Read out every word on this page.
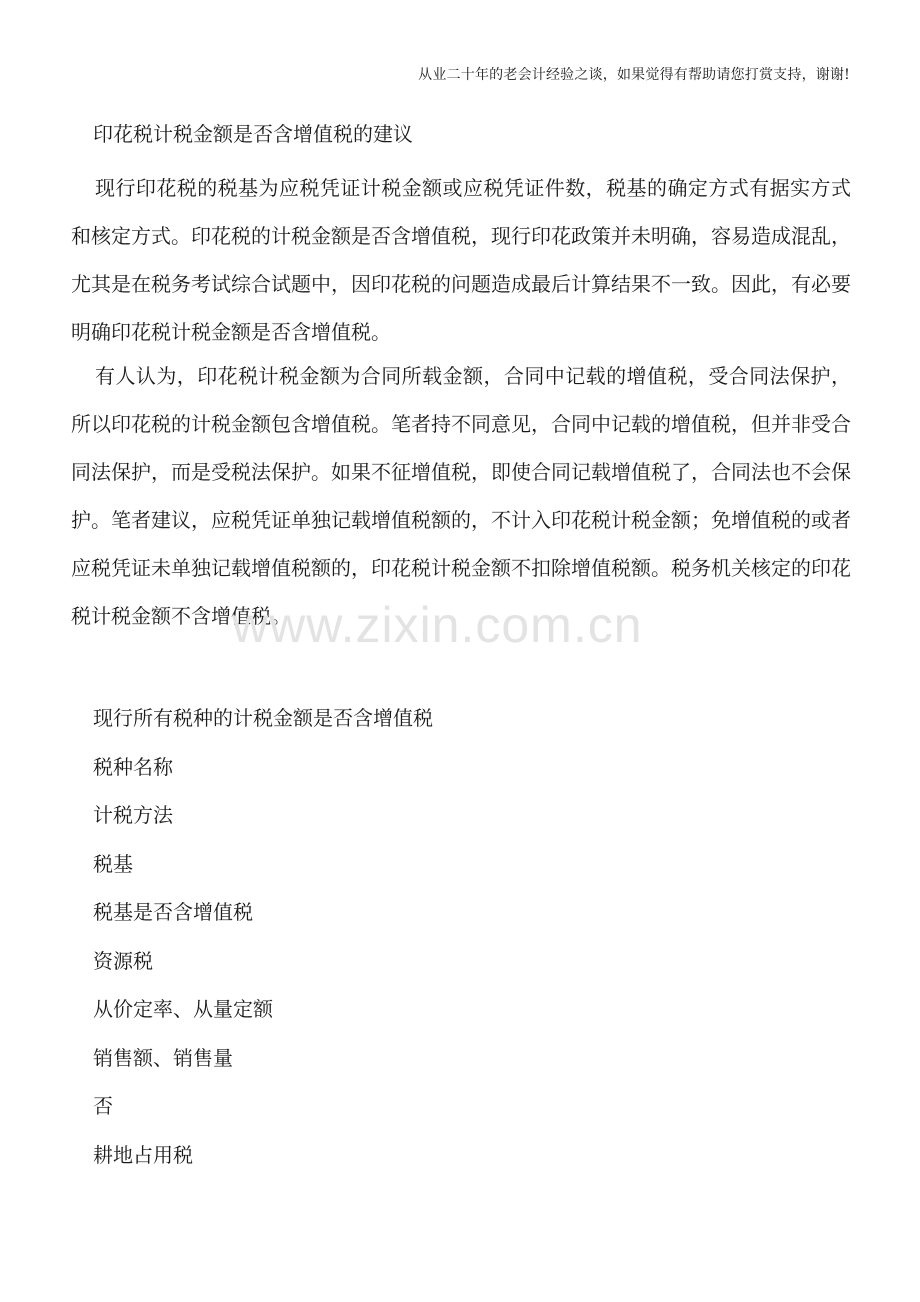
从业二十年的老会计经验之谈，如果觉得有帮助请您打赏支持，谢谢!
印花税计税金额是否含增值税的建议

现行印花税的税基为应税凭证计税金额或应税凭证件数，税基的确定方式有据实方式和核定方式。印花税的计税金额是否含增值税，现行印花政策并未明确，容易造成混乱，尤其是在税务考试综合试题中，因印花税的问题造成最后计算结果不一致。因此，有必要明确印花税计税金额是否含增值税。

有人认为，印花税计税金额为合同所载金额，合同中记载的增值税，受合同法保护，所以印花税的计税金额包含增值税。笔者持不同意见，合同中记载的增值税，但并非受合同法保护，而是受税法保护。如果不征增值税，即使合同记载增值税了，合同法也不会保护。笔者建议，应税凭证单独记载增值税额的，不计入印花税计税金额；免增值税的或者应税凭证未单独记载增值税额的，印花税计税金额不扣除增值税额。税务机关核定的印花税计税金额不含增值税。

www.zixin.com.cn
现行所有税种的计税金额是否含增值税
税种名称
计税方法
税基
税基是否含增值税
资源税
从价定率、从量定额
销售额、销售量
否
耕地占用税
